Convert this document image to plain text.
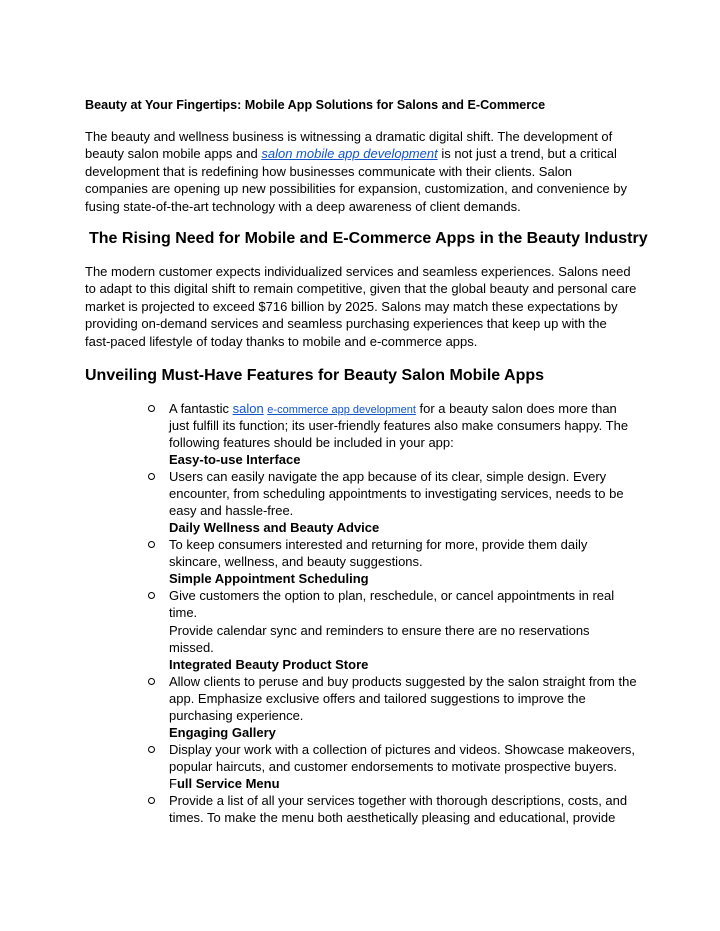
Beauty at Your Fingertips: Mobile App Solutions for Salons and E-Commerce
The beauty and wellness business is witnessing a dramatic digital shift. The development of
beauty salon mobile apps and salon mobile app development is not just a trend, but a critical
development that is redefining how businesses communicate with their clients. Salon
companies are opening up new possibilities for expansion, customization, and convenience by
fusing state-of-the-art technology with a deep awareness of client demands.
The Rising Need for Mobile and E-Commerce Apps in the Beauty Industry
The modern customer expects individualized services and seamless experiences. Salons need
to adapt to this digital shift to remain competitive, given that the global beauty and personal care
market is projected to exceed $716 billion by 2025. Salons may match these expectations by
providing on-demand services and seamless purchasing experiences that keep up with the
fast-paced lifestyle of today thanks to mobile and e-commerce apps.
Unveiling Must-Have Features for Beauty Salon Mobile Apps
A fantastic salon e-commerce app development for a beauty salon does more than
just fulfill its function; its user-friendly features also make consumers happy. The
following features should be included in your app:
Easy-to-use Interface
Users can easily navigate the app because of its clear, simple design. Every
encounter, from scheduling appointments to investigating services, needs to be
easy and hassle-free.
Daily Wellness and Beauty Advice
To keep consumers interested and returning for more, provide them daily
skincare, wellness, and beauty suggestions.
Simple Appointment Scheduling
Give customers the option to plan, reschedule, or cancel appointments in real
time.
Provide calendar sync and reminders to ensure there are no reservations
missed.
Integrated Beauty Product Store
Allow clients to peruse and buy products suggested by the salon straight from the
app. Emphasize exclusive offers and tailored suggestions to improve the
purchasing experience.
Engaging Gallery
Display your work with a collection of pictures and videos. Showcase makeovers,
popular haircuts, and customer endorsements to motivate prospective buyers.
Full Service Menu
Provide a list of all your services together with thorough descriptions, costs, and
times. To make the menu both aesthetically pleasing and educational, provide
